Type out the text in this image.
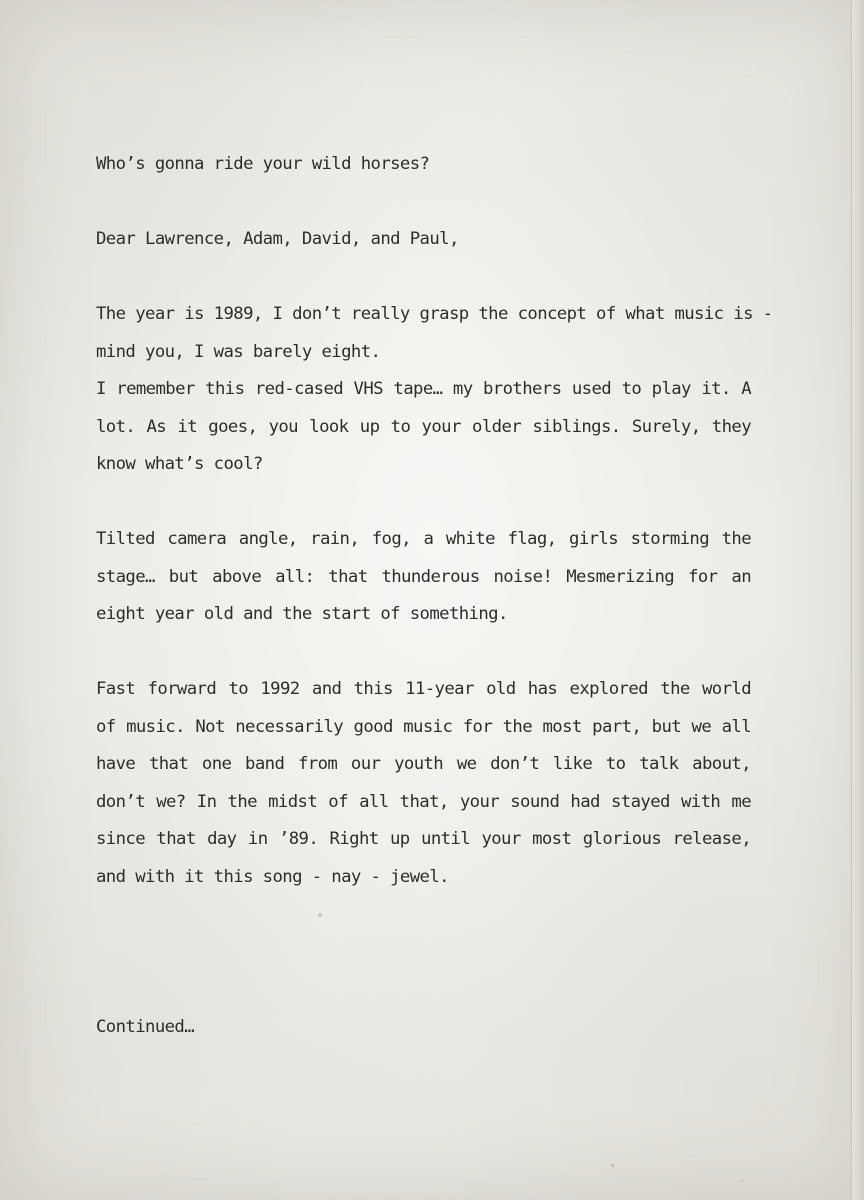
Who’s gonna ride your wild horses?
Dear Lawrence, Adam, David, and Paul,
The year is 1989, I don’t really grasp the concept of what music is -
mind you, I was barely eight.
I remember this red-cased VHS tape… my brothers used to play it. A
lot. As it goes, you look up to your older siblings. Surely, they
know what’s cool?
Tilted camera angle, rain, fog, a white flag, girls storming the
stage… but above all: that thunderous noise! Mesmerizing for an
eight year old and the start of something.
Fast forward to 1992 and this 11-year old has explored the world
of music. Not necessarily good music for the most part, but we all
have that one band from our youth we don’t like to talk about,
don’t we? In the midst of all that, your sound had stayed with me
since that day in ’89. Right up until your most glorious release,
and with it this song - nay - jewel.
Continued…
